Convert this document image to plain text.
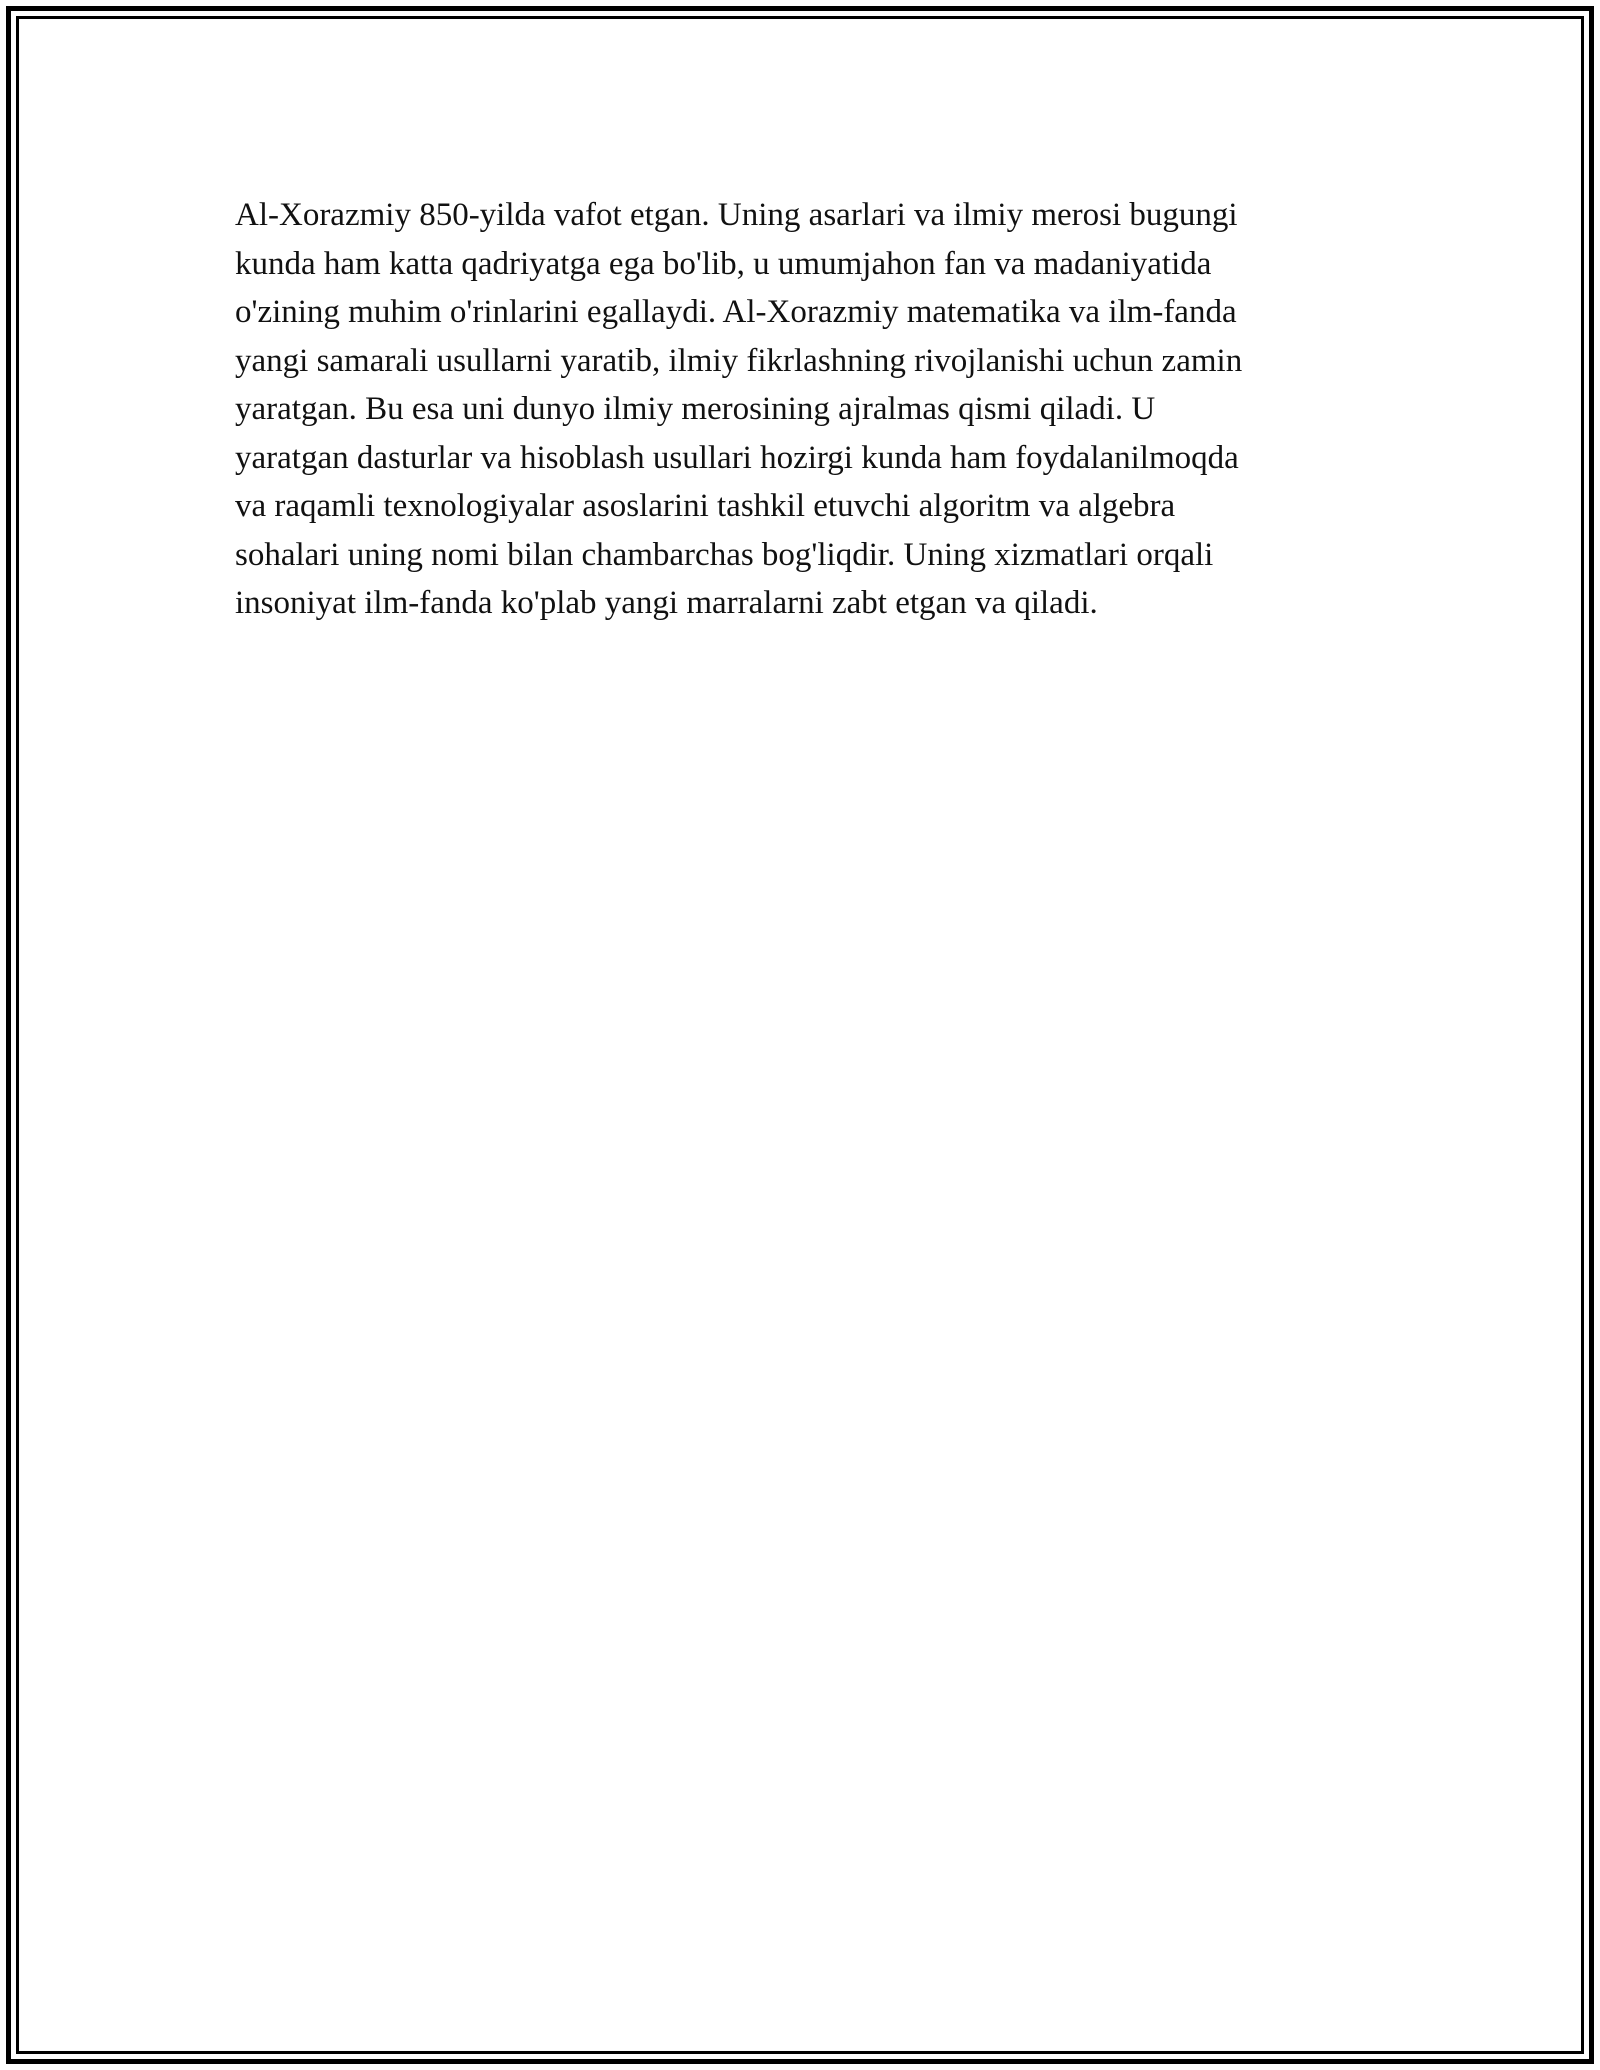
Al-Xorazmiy 850-yilda vafot etgan. Uning asarlari va ilmiy merosi bugungi
kunda ham katta qadriyatga ega bo'lib, u umumjahon fan va madaniyatida
o'zining muhim o'rinlarini egallaydi. Al-Xorazmiy matematika va ilm-fanda
yangi samarali usullarni yaratib, ilmiy fikrlashning rivojlanishi uchun zamin
yaratgan. Bu esa uni dunyo ilmiy merosining ajralmas qismi qiladi. U
yaratgan dasturlar va hisoblash usullari hozirgi kunda ham foydalanilmoqda
va raqamli texnologiyalar asoslarini tashkil etuvchi algoritm va algebra
sohalari uning nomi bilan chambarchas bog'liqdir. Uning xizmatlari orqali
insoniyat ilm-fanda ko'plab yangi marralarni zabt etgan va qiladi.
